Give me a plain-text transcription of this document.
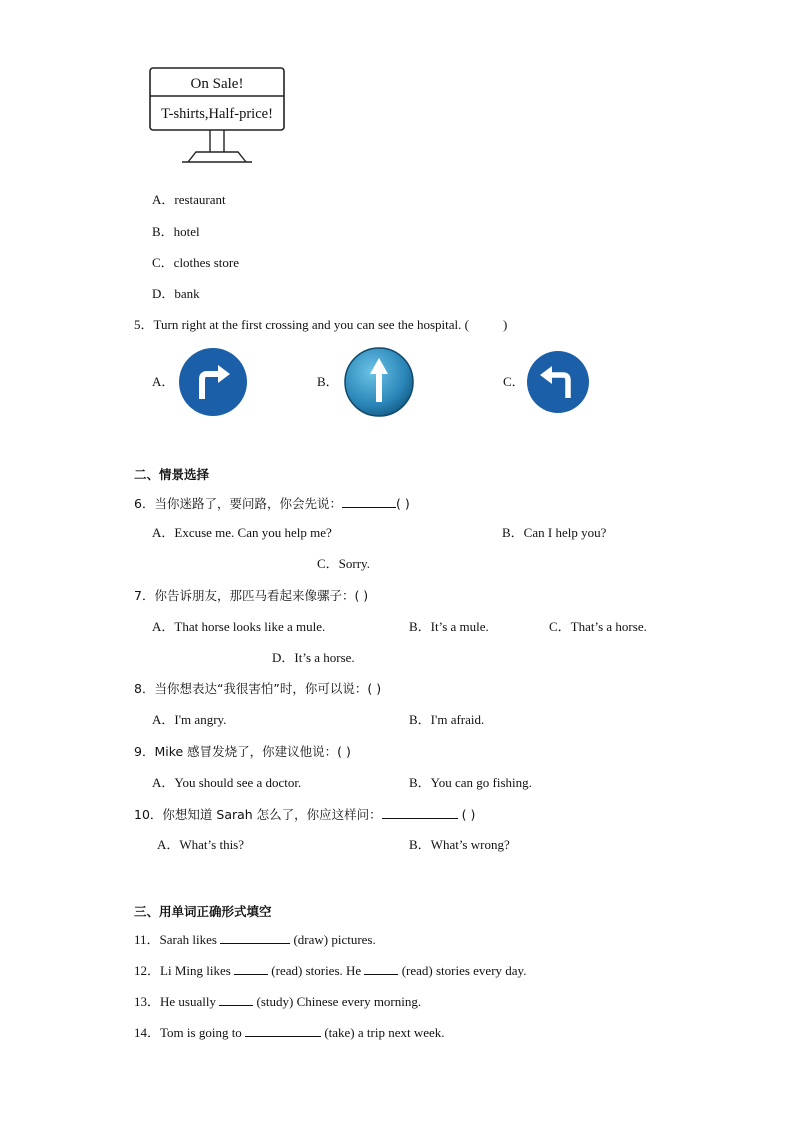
On Sale!
T-shirts,Half-price!
A．restaurant
B．hotel
C．clothes store
D．bank
5．Turn right at the first crossing and you can see the hospital. (	)
A．	B．	C．
二、情景选择
6．当你迷路了，要问路，你会先说：	( )
A．Excuse me. Can you help me?	B．Can I help you?
C．Sorry.
7．你告诉朋友，那匹马看起来像骡子：( )
A．That horse looks like a mule.	B．It’s a mule.	C．That’s a horse.
D．It’s a horse.
8．当你想表达“我很害怕”时，你可以说：( )
A．I'm angry.	B．I'm afraid.
9．Mike 感冒发烧了，你建议他说：( )
A．You should see a doctor.	B．You can go fishing.
10．你想知道 Sarah 怎么了，你应这样问：	( )
A．What’s this?	B．What’s wrong?
三、用单词正确形式填空
11．Sarah likes	(draw) pictures.
12．Li Ming likes	(read) stories. He	(read) stories every day.
13．He usually	(study) Chinese every morning.
14．Tom is going to	(take) a trip next week.
